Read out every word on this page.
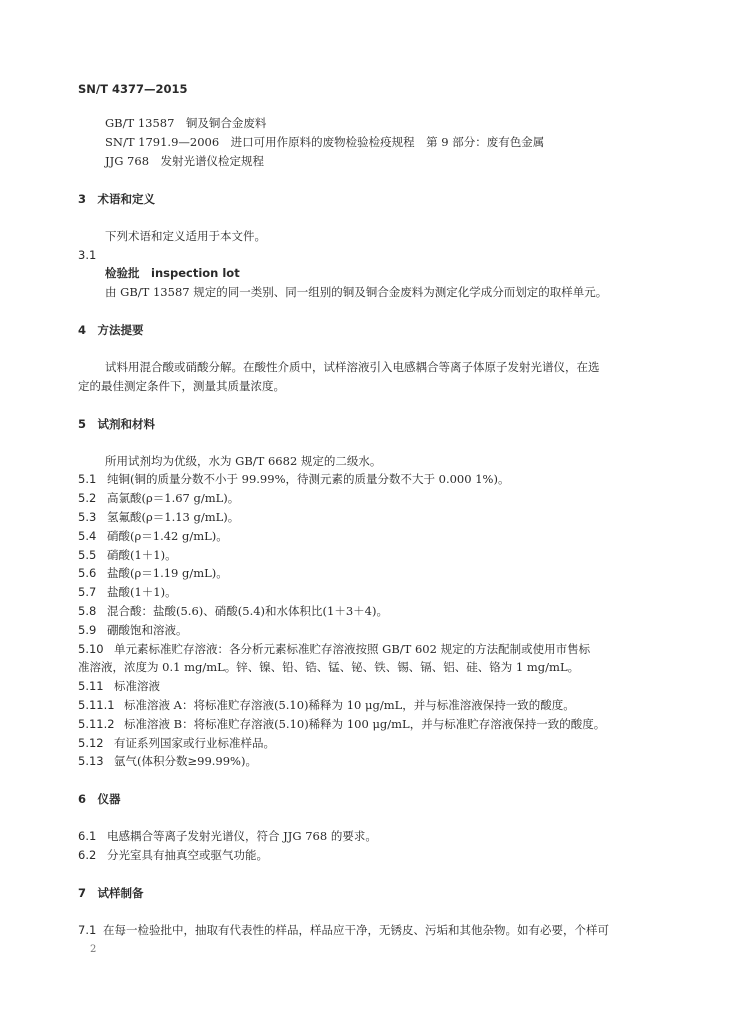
SN/T 4377—2015
GB/T 13587　铜及铜合金废料
SN/T 1791.9—2006　进口可用作原料的废物检验检疫规程　第 9 部分：废有色金属
JJG 768　发射光谱仪检定规程
3　术语和定义
下列术语和定义适用于本文件。
3.1
检验批　inspection lot
由 GB/T 13587 规定的同一类别、同一组别的铜及铜合金废料为测定化学成分而划定的取样单元。
4　方法提要
试料用混合酸或硝酸分解。在酸性介质中，试样溶液引入电感耦合等离子体原子发射光谱仪，在选
定的最佳测定条件下，测量其质量浓度。
5　试剂和材料
所用试剂均为优级，水为 GB/T 6682 规定的二级水。
5.1 纯铜(铜的质量分数不小于 99.99%，待测元素的质量分数不大于 0.000 1%)。
5.2 高氯酸(ρ＝1.67 g/mL)。
5.3 氢氟酸(ρ＝1.13 g/mL)。
5.4 硝酸(ρ＝1.42 g/mL)。
5.5 硝酸(1＋1)。
5.6 盐酸(ρ＝1.19 g/mL)。
5.7 盐酸(1＋1)。
5.8 混合酸：盐酸(5.6)、硝酸(5.4)和水体积比(1＋3＋4)。
5.9 硼酸饱和溶液。
5.10 单元素标准贮存溶液：各分析元素标准贮存溶液按照 GB/T 602 规定的方法配制或使用市售标
准溶液，浓度为 0.1 mg/mL。锌、镍、铅、锆、锰、铋、铁、锡、镉、铝、硅、铬为 1 mg/mL。
5.11 标准溶液
5.11.1 标准溶液 A：将标准贮存溶液(5.10)稀释为 10 μg/mL，并与标准溶液保持一致的酸度。
5.11.2 标准溶液 B：将标准贮存溶液(5.10)稀释为 100 μg/mL，并与标准贮存溶液保持一致的酸度。
5.12 有证系列国家或行业标准样品。
5.13 氩气(体积分数≥99.99%)。
6　仪器
6.1 电感耦合等离子发射光谱仪，符合 JJG 768 的要求。
6.2 分光室具有抽真空或驱气功能。
7　试样制备
7.1 在每一检验批中，抽取有代表性的样品，样品应干净，无锈皮、污垢和其他杂物。如有必要，个样可
2
